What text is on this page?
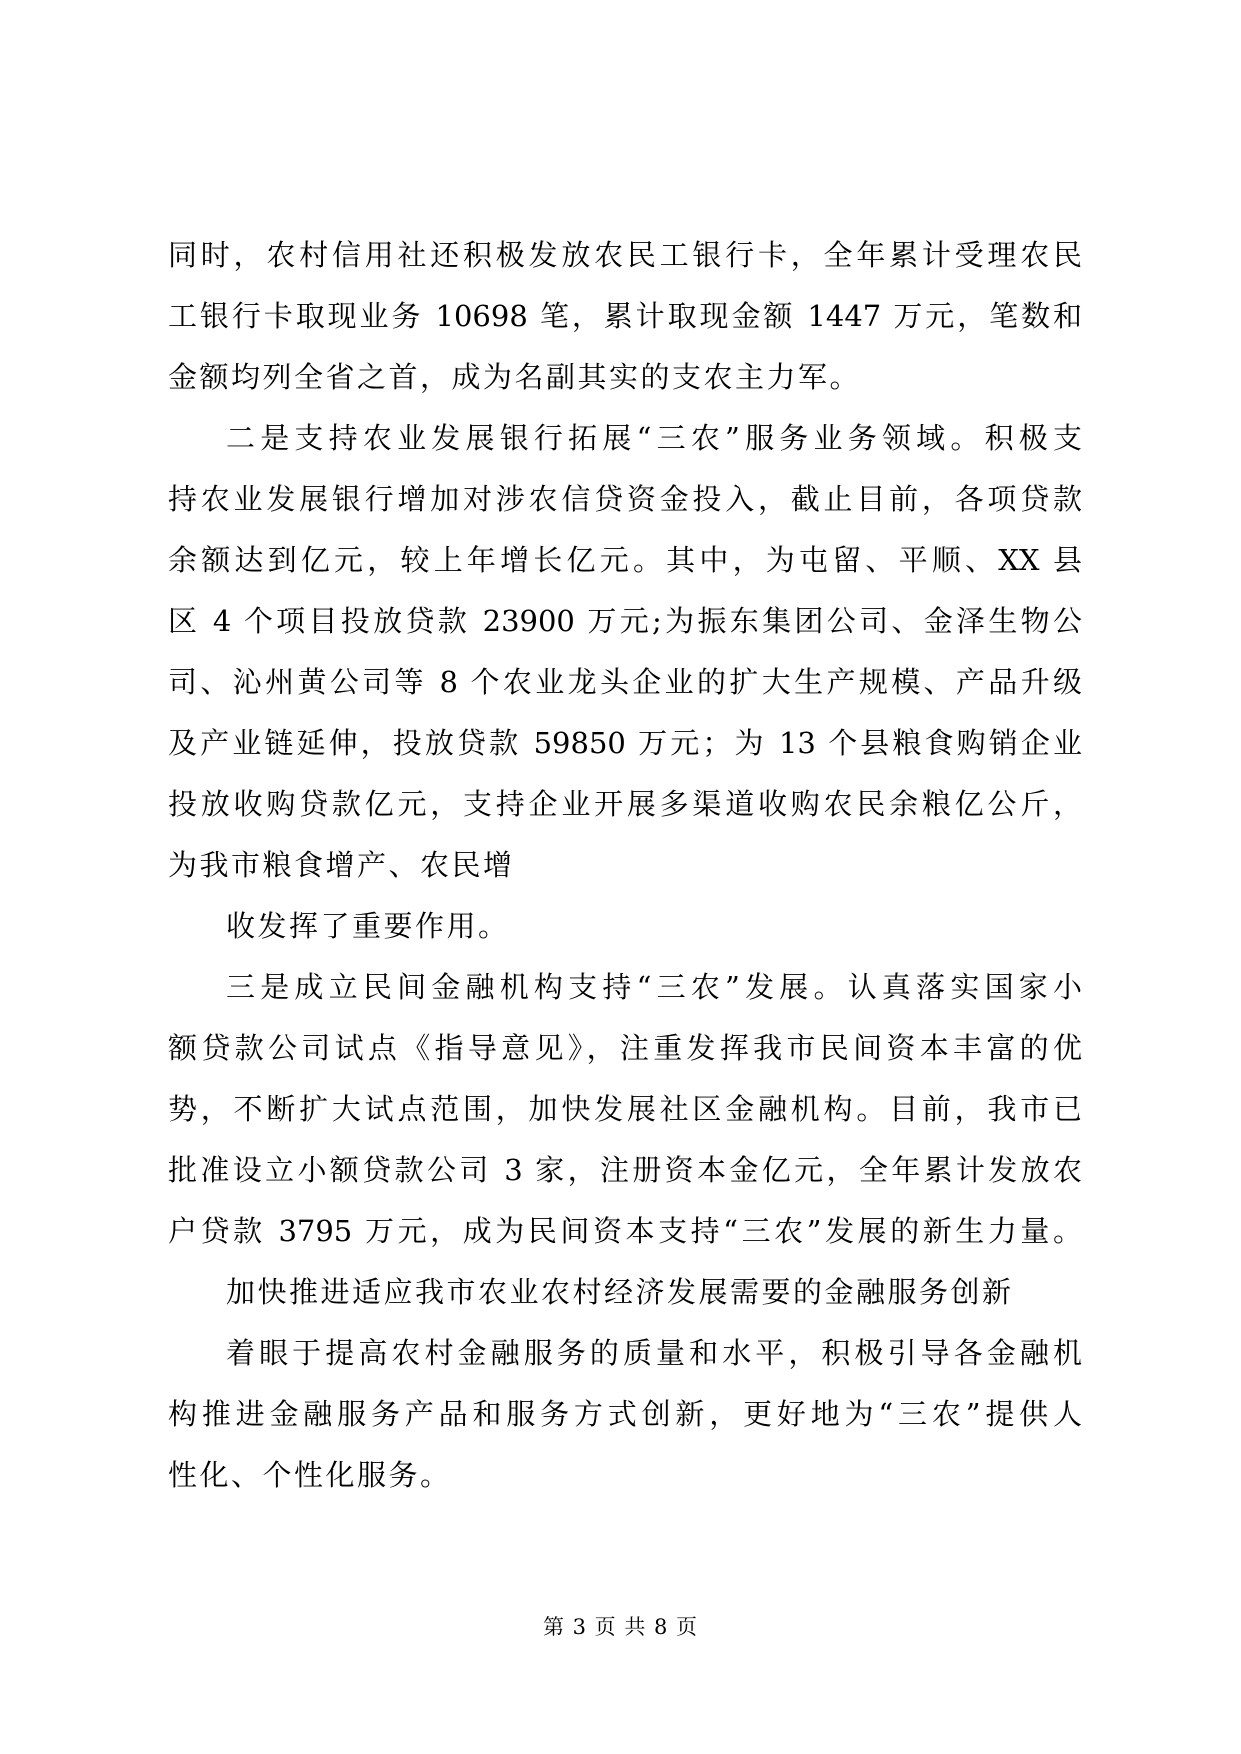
同时，农村信用社还积极发放农民工银行卡，全年累计受理农民
工银行卡取现业务 10698 笔，累计取现金额 1447 万元，笔数和
金额均列全省之首，成为名副其实的支农主力军。
二是支持农业发展银行拓展“三农”服务业务领域。积极支
持农业发展银行增加对涉农信贷资金投入，截止目前，各项贷款
余额达到亿元，较上年增长亿元。其中，为屯留、平顺、XX 县
区 4 个项目投放贷款 23900 万元;为振东集团公司、金泽生物公
司、沁州黄公司等 8 个农业龙头企业的扩大生产规模、产品升级
及产业链延伸，投放贷款 59850 万元；为 13 个县粮食购销企业
投放收购贷款亿元，支持企业开展多渠道收购农民余粮亿公斤，
为我市粮食增产、农民增
收发挥了重要作用。
三是成立民间金融机构支持“三农”发展。认真落实国家小
额贷款公司试点《指导意见》，注重发挥我市民间资本丰富的优
势，不断扩大试点范围，加快发展社区金融机构。目前，我市已
批准设立小额贷款公司 3 家，注册资本金亿元，全年累计发放农
户贷款 3795 万元，成为民间资本支持“三农”发展的新生力量。
加快推进适应我市农业农村经济发展需要的金融服务创新
着眼于提高农村金融服务的质量和水平，积极引导各金融机
构推进金融服务产品和服务方式创新，更好地为“三农”提供人
性化、个性化服务。
第 3 页 共 8 页
